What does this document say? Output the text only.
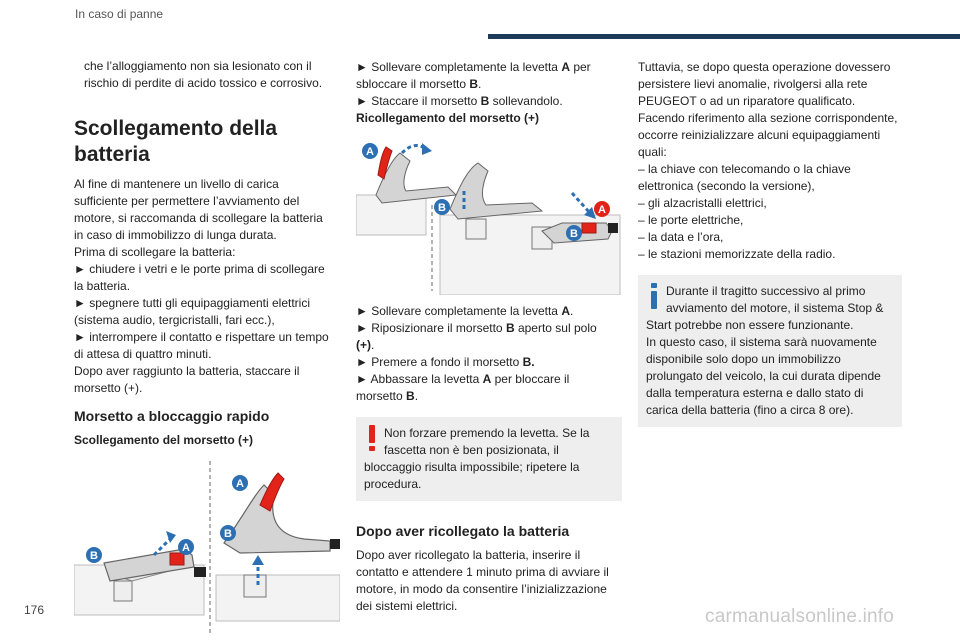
In caso di panne

che l’alloggiamento non sia lesionato con il

rischio di perdite di acido tossico e corrosivo.

Scollegamento della batteria

Al fine di mantenere un livello di carica

sufficiente per permettere l’avviamento del

motore, si raccomanda di scollegare la batteria

in caso di immobilizzo di lunga durata.

Prima di scollegare la batteria:

► chiudere i vetri e le porte prima di scollegare

la batteria.

► spegnere tutti gli equipaggiamenti elettrici

(sistema audio, tergicristalli, fari ecc.),

► interrompere il contatto e rispettare un tempo

di attesa di quattro minuti.

Dopo aver raggiunto la batteria, staccare il

morsetto (+).

Morsetto a bloccaggio rapido
Scollegamento del morsetto (+)
A
B
A
B

► Sollevare completamente la levetta A per

sbloccare il morsetto B.

► Staccare il morsetto B sollevandolo.

Ricollegamento del morsetto (+)

A
B
B
A

► Sollevare completamente la levetta A.

► Riposizionare il morsetto B aperto sul polo

(+).

► Premere a fondo il morsetto B.

► Abbassare la levetta A per bloccare il

morsetto B.

Non forzare premendo la levetta. Se la

fascetta non è ben posizionata, il

bloccaggio risulta impossibile; ripetere la

procedura.

Dopo aver ricollegato la batteria

Dopo aver ricollegato la batteria, inserire il

contatto e attendere 1 minuto prima di avviare il

motore, in modo da consentire l’inizializzazione

dei sistemi elettrici.

Tuttavia, se dopo questa operazione dovessero

persistere lievi anomalie, rivolgersi alla rete

PEUGEOT o ad un riparatore qualificato.

Facendo riferimento alla sezione corrispondente,

occorre reinizializzare alcuni equipaggiamenti

quali:

– la chiave con telecomando o la chiave

elettronica (secondo la versione),

– gli alzacristalli elettrici,

– le porte elettriche,

– la data e l’ora,

– le stazioni memorizzate della radio.

Durante il tragitto successivo al primo

avviamento del motore, il sistema Stop &

Start potrebbe non essere funzionante.

In questo caso, il sistema sarà nuovamente

disponibile solo dopo un immobilizzo

prolungato del veicolo, la cui durata dipende

dalla temperatura esterna e dallo stato di

carica della batteria (fino a circa 8 ore).

176	carmanualsonline.info
